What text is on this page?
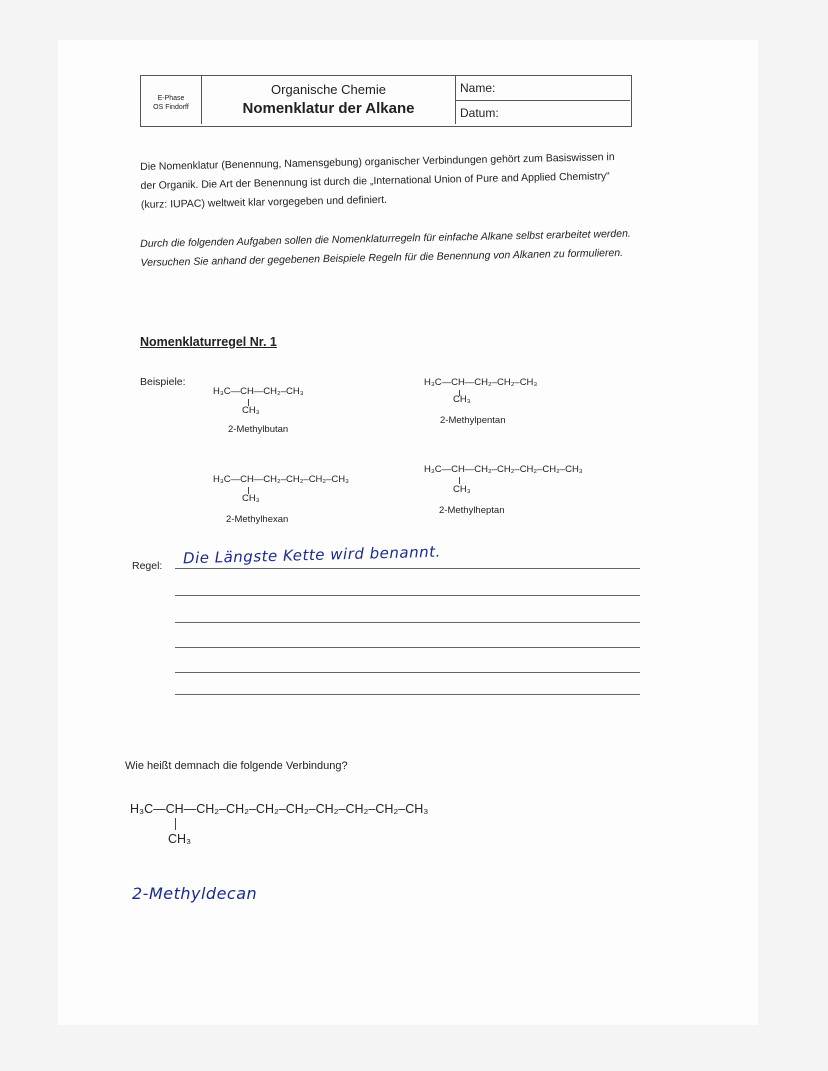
E-Phase
OS Findorff
Organische Chemie
Nomenklatur der Alkane
Name:
Datum:
Die Nomenklatur (Benennung, Namensgebung) organischer Verbindungen gehört zum Basiswissen in der Organik. Die Art der Benennung ist durch die „International Union of Pure and Applied Chemistry“ (kurz: IUPAC) weltweit klar vorgegeben und definiert.
Durch die folgenden Aufgaben sollen die Nomenklaturregeln für einfache Alkane selbst erarbeitet werden. Versuchen Sie anhand der gegebenen Beispiele Regeln für die Benennung von Alkanen zu formulieren.
Nomenklaturregel Nr. 1
Beispiele:
H₃C—CH—CH₂–CH₃
CH₃
2-Methylbutan
H₃C—CH—CH₂–CH₂–CH₃
CH₃
2-Methylpentan
H₃C—CH—CH₂–CH₂–CH₂–CH₃
CH₃
2-Methylhexan
H₃C—CH—CH₂–CH₂–CH₂–CH₂–CH₃
CH₃
2-Methylheptan
Regel: Die Längste Kette wird benannt.
Wie heißt demnach die folgende Verbindung?
H₃C—CH—CH₂–CH₂–CH₂–CH₂–CH₂–CH₂–CH₂–CH₃
CH₃
2-Methyldecan
